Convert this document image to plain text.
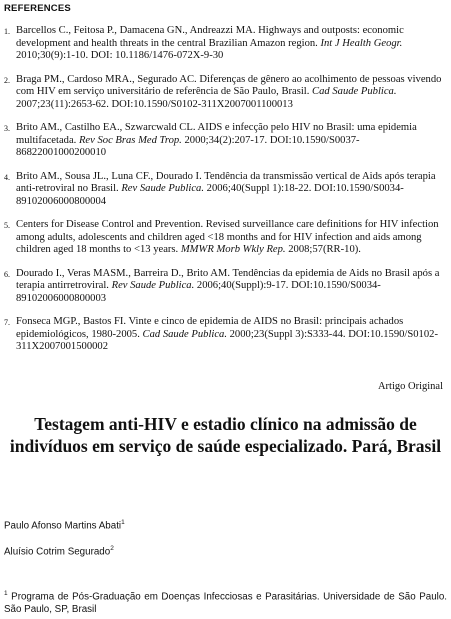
REFERENCES
1. Barcellos C., Feitosa P., Damacena GN., Andreazzi MA. Highways and outposts: economic development and health threats in the central Brazilian Amazon region. Int J Health Geogr. 2010;30(9):1-10. DOI: 10.1186/1476-072X-9-30
2. Braga PM., Cardoso MRA., Segurado AC. Diferenças de gênero ao acolhimento de pessoas vivendo com HIV em serviço universitário de referência de São Paulo, Brasil. Cad Saude Publica. 2007;23(11):2653-62. DOI:10.1590/S0102-311X2007001100013
3. Brito AM., Castilho EA., Szwarcwald CL. AIDS e infecção pelo HIV no Brasil: uma epidemia multifacetada. Rev Soc Bras Med Trop. 2000;34(2):207-17. DOI:10.1590/S0037-86822001000200010
4. Brito AM., Sousa JL., Luna CF., Dourado I. Tendência da transmissão vertical de Aids após terapia anti-retroviral no Brasil. Rev Saude Publica. 2006;40(Suppl 1):18-22. DOI:10.1590/S0034-89102006000800004
5. Centers for Disease Control and Prevention. Revised surveillance care definitions for HIV infection among adults, adolescents and children aged <18 months and for HIV infection and aids among children aged 18 months to <13 years. MMWR Morb Wkly Rep. 2008;57(RR-10).
6. Dourado I., Veras MASM., Barreira D., Brito AM. Tendências da epidemia de Aids no Brasil após a terapia antirretroviral. Rev Saude Publica. 2006;40(Suppl):9-17. DOI:10.1590/S0034-89102006000800003
7. Fonseca MGP., Bastos FI. Vinte e cinco de epidemia de AIDS no Brasil: principais achados epidemiológicos, 1980-2005. Cad Saude Publica. 2000;23(Suppl 3):S333-44. DOI:10.1590/S0102-311X2007001500002
Artigo Original
Testagem anti-HIV e estadio clínico na admissão de indivíduos em serviço de saúde especializado. Pará, Brasil
Paulo Afonso Martins Abati$^1$
Aluísio Cotrim Segurado$^2$
$^1$ Programa de Pós-Graduação em Doenças Infecciosas e Parasitárias. Universidade de São Paulo. São Paulo, SP, Brasil
